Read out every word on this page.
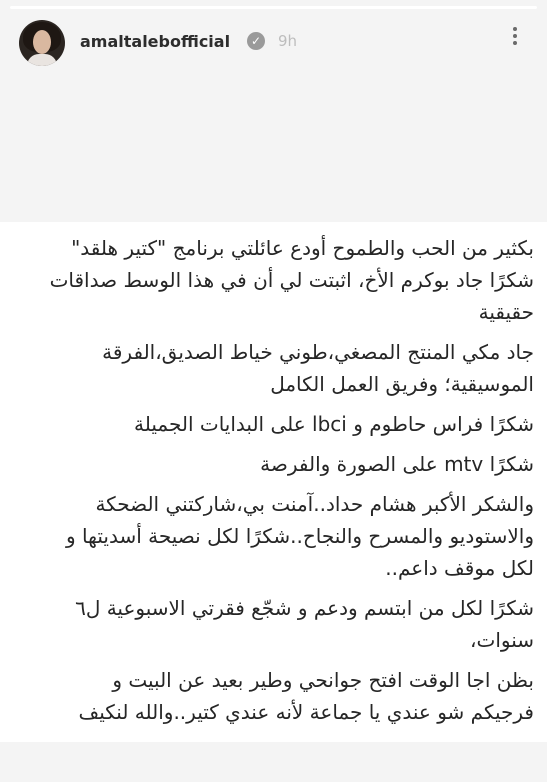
amaltalebofficial	✓ 9h
بكثير من الحب والطموح أودع عائلتي برنامج "كتير هلقد"
شكرًا جاد بوكرم الأخ، اثبتت لي أن في هذا الوسط صداقات
حقيقية
جاد مكي المنتج المصغي،طوني خياط الصديق،الفرقة
الموسيقية؛ وفريق العمل الكامل
شكرًا فراس حاطوم و lbci على البدايات الجميلة
شكرًا mtv على الصورة والفرصة
والشكر الأكبر هشام حداد..آمنت بي،شاركتني الضحكة
والاستوديو والمسرح والنجاح..شكرًا لكل نصيحة أسديتها و
لكل موقف داعم..
شكرًا لكل من ابتسم ودعم و شجّع فقرتي الاسبوعية ل٦
سنوات،
بظن اجا الوقت افتح جوانحي وطير بعيد عن البيت و
فرجيكم شو عندي يا جماعة لأنه عندي كتير..والله لنكيف
